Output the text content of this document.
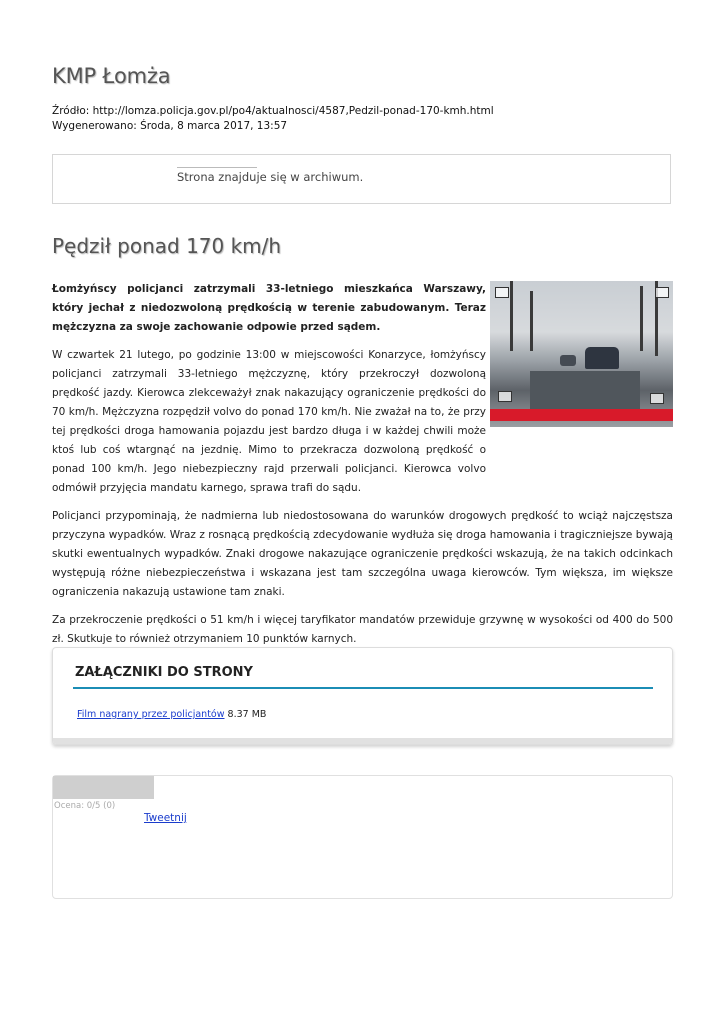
KMP Łomża
Źródło: http://lomza.policja.gov.pl/po4/aktualnosci/4587,Pedzil-ponad-170-kmh.html
Wygenerowano: Środa, 8 marca 2017, 13:57
Strona znajduje się w archiwum.
Pędził ponad 170 km/h

Łomżyńscy policjanci zatrzymali 33-letniego mieszkańca Warszawy, który jechał z niedozwoloną prędkością w terenie zabudowanym. Teraz mężczyzna za swoje zachowanie odpowie przed sądem.

W czwartek 21 lutego, po godzinie 13:00 w miejscowości Konarzyce, łomżyńscy policjanci zatrzymali 33-letniego mężczyznę, który przekroczył dozwoloną prędkość jazdy. Kierowca zlekceważył znak nakazujący ograniczenie prędkości do 70 km/h. Mężczyzna rozpędził volvo do ponad 170 km/h. Nie zważał na to, że przy tej prędkości droga hamowania pojazdu jest bardzo długa i w każdej chwili może ktoś lub coś wtargnąć na jezdnię. Mimo to przekracza dozwoloną prędkość o ponad 100 km/h. Jego niebezpieczny rajd przerwali policjanci. Kierowca volvo odmówił przyjęcia mandatu karnego, sprawa trafi do sądu.

Policjanci przypominają, że nadmierna lub niedostosowana do warunków drogowych prędkość to wciąż najczęstsza przyczyna wypadków. Wraz z rosnącą prędkością zdecydowanie wydłuża się droga hamowania i tragiczniejsze bywają skutki ewentualnych wypadków. Znaki drogowe nakazujące ograniczenie prędkości wskazują, że na takich odcinkach występują różne niebezpieczeństwa i wskazana jest tam szczególna uwaga kierowców. Tym większa, im większe ograniczenia nakazują ustawione tam znaki.

Za przekroczenie prędkości o 51 km/h i więcej taryfikator mandatów przewiduje grzywnę w wysokości od 400 do 500 zł. Skutkuje to również otrzymaniem 10 punktów karnych.

ZAŁĄCZNIKI DO STRONY
Film nagrany przez policjantów 8.37 MB
Ocena: 0/5 (0)
Tweetnij
